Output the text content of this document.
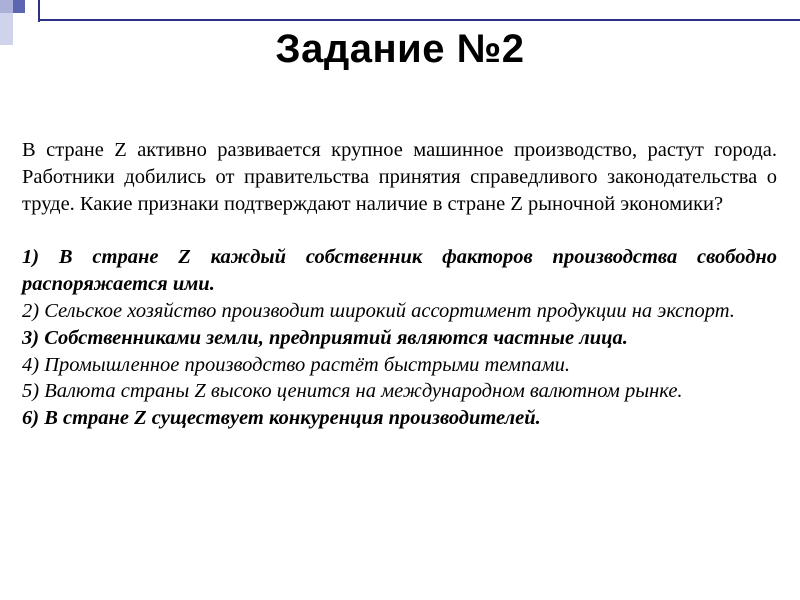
Задание №2

В стране Z активно развивается крупное машинное производство, растут города. Работники добились от правительства принятия справедливого законодательства о труде. Какие признаки подтверждают наличие в стране Z рыночной экономики?

1) В стране Z каждый собственник факторов производства свободно распоряжается ими.

2) Сельское хозяйство производит широкий ассортимент продукции на экспорт.

3) Собственниками земли, предприятий являются частные лица.

4) Промышленное производство растёт быстрыми темпами.

5) Валюта страны Z высоко ценится на международном валютном рынке.

6) В стране Z существует конкуренция производителей.
